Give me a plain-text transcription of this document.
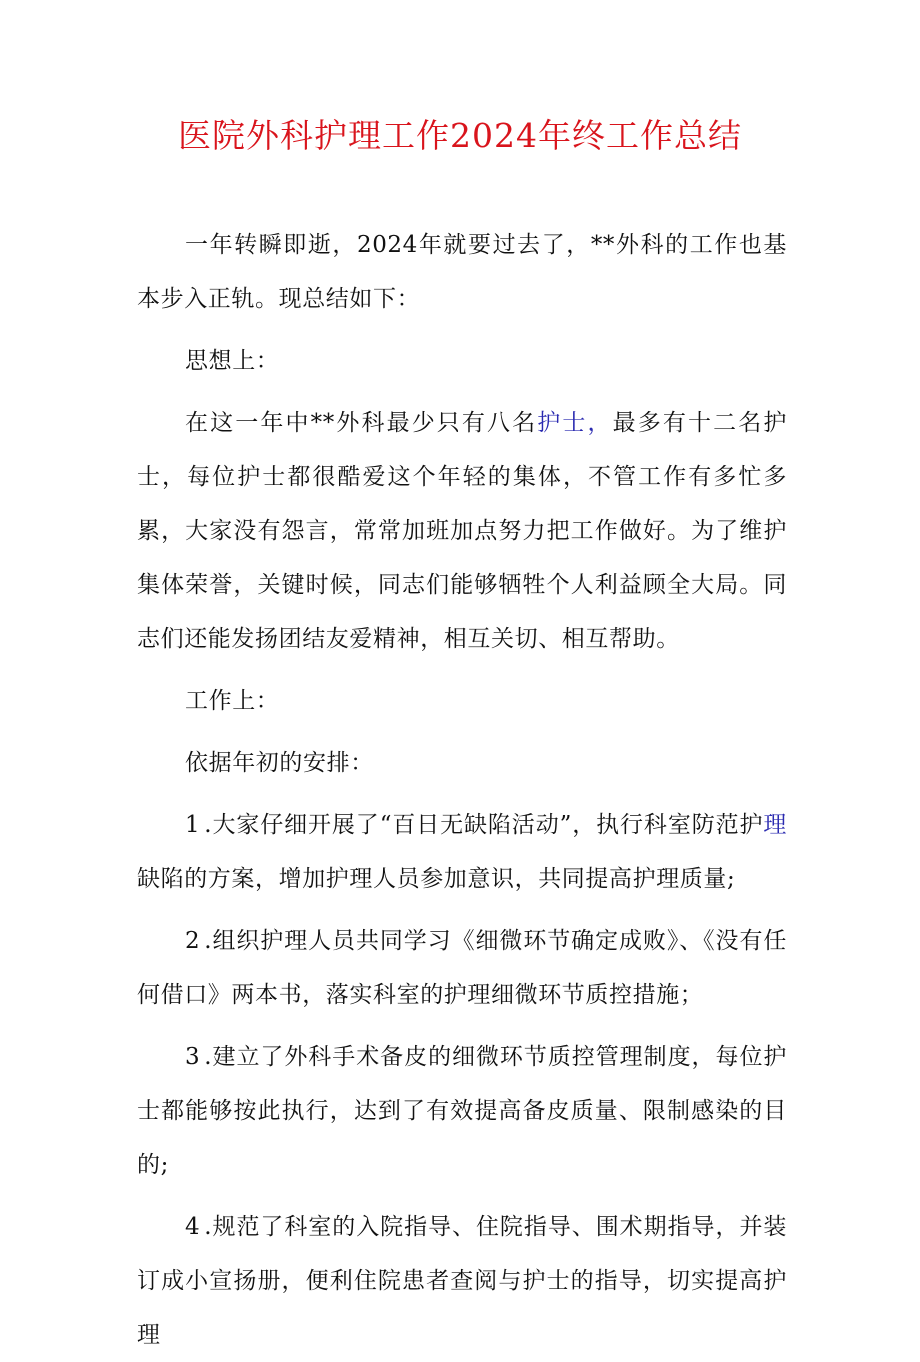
医院外科护理工作2024年终工作总结

一年转瞬即逝，2024年就要过去了，**外科的工作也基本步入正轨。现总结如下：

思想上：

在这一年中**外科最少只有八名护士，最多有十二名护士，每位护士都很酷爱这个年轻的集体，不管工作有多忙多累，大家没有怨言，常常加班加点努力把工作做好。为了维护集体荣誉，关键时候，同志们能够牺牲个人利益顾全大局。同志们还能发扬团结友爱精神，相互关切、相互帮助。

工作上：

依据年初的安排：

1 .大家仔细开展了“百日无缺陷活动”，执行科室防范护理缺陷的方案，增加护理人员参加意识，共同提高护理质量;

2 .组织护理人员共同学习《细微环节确定成败》、《没有任何借口》两本书，落实科室的护理细微环节质控措施；

3 .建立了外科手术备皮的细微环节质控管理制度，每位护士都能够按此执行，达到了有效提高备皮质量、限制感染的目的;

4 .规范了科室的入院指导、住院指导、围术期指导，并装订成小宣扬册，便利住院患者查阅与护士的指导，切实提高护理
